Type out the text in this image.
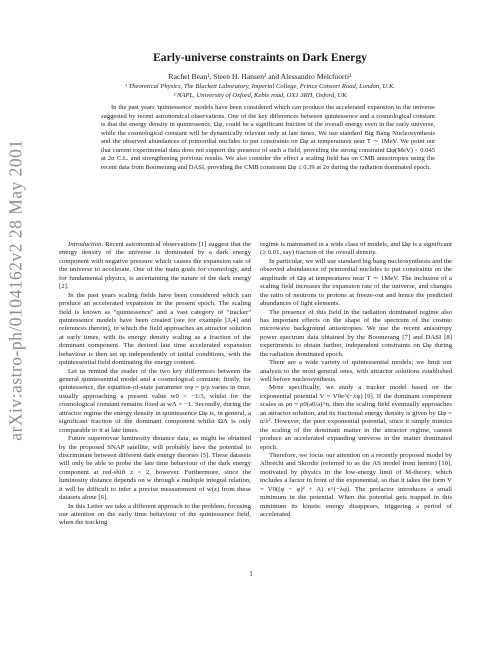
arXiv:astro-ph/0104162v2 28 May 2001
Early-universe constraints on Dark Energy
Rachel Bean¹, Steen H. Hansen² and Alessandro Melchiorri²
¹ Theoretical Physics, The Blackett Laboratory, Imperial College, Prince Consort Road, London, U.K.
² NAPL, University of Oxford, Keble road, OX1 3RH, Oxford, UK
In the past years 'quintessence' models have been considered which can produce the accelerated expansion in the universe suggested by recent astronomical observations. One of the key differences between quintessence and a cosmological constant is that the energy density in quintessence, Ωφ, could be a significant fraction of the overall energy even in the early universe, while the cosmological constant will be dynamically relevant only at late times. We use standard Big Bang Nucleosynthesis and the observed abundances of primordial nuclides to put constraints on Ωφ at temperatures near T ∼ 1MeV. We point out that current experimental data does not support the presence of such a field, providing the strong constraint Ωφ(MeV) < 0.045 at 2σ C.L. and strengthening previous results. We also consider the effect a scaling field has on CMB anisotropies using the recent data from Boomerang and DASI, providing the CMB constraint Ωφ ≤ 0.39 at 2σ during the radiation dominated epoch.

Introduction. Recent astronomical observations [1] suggest that the energy density of the universe is dominated by a dark energy component with negative pressure which causes the expansion rate of the universe to accelerate. One of the main goals for cosmology, and for fundamental physics, is ascertaining the nature of the dark energy [2].

In the past years scaling fields have been considered which can produce an accelerated expansion in the present epoch. The scaling field is known as "quintessence" and a vast category of "tracker" quintessence models have been created (see for example [3,4] and references therein), in which the field approaches an attractor solution at early times, with its energy density scaling as a fraction of the dominant component. The desired late time accelerated expansion behaviour is then set up independently of initial conditions, with the quintessential field dominating the energy content.

Let us remind the reader of the two key differences between the general quintessential model and a cosmological constant; firstly, for quintessence, the equation-of-state parameter wφ = p/ρ varies in time, usually approaching a present value w0 < −1/3, whilst for the cosmological constant remains fixed at wΛ = −1. Secondly, during the attractor regime the energy density in quintessence Ωφ is, in general, a significant fraction of the dominant component whilst ΩΛ is only comparable to it at late times.

Future supernovae luminosity distance data, as might be obtained by the proposed SNAP satellite, will probably have the potential to discriminate between different dark energy theories [5]. These datasets will only be able to probe the late time behaviour of the dark energy component at red-shift z < 2, however. Furthermore, since the luminosity distance depends on w through a multiple integral relation, it will be difficult to infer a precise measurement of w(z) from these datasets alone [6].

In this Letter we take a different approach to the problem, focusing our attention on the early time behaviour of the quintessence field, when the tracking

regime is maintained in a wide class of models, and Ωφ is a significant (≥ 0.01, say) fraction of the overall density.

In particular, we will use standard big bang nucleosynthesis and the observed abundances of primordial nuclides to put constraints on the amplitude of Ωφ at temperatures near T ∼ 1MeV. The inclusion of a scaling field increases the expansion rate of the universe, and changes the ratio of neutrons to protons at freeze-out and hence the predicted abundances of light elements.

The presence of this field in the radiation dominated regime also has important effects on the shape of the spectrum of the cosmic microwave background anisotropies. We use the recent anisotropy power spectrum data obtained by the Boomerang [7] and DASI [8] experiments to obtain further, independent constraints on Ωφ during the radiation dominated epoch.

There are a wide variety of quintessential models; we limit our analysis to the most general ones, with attractor solutions established well before nucleosynthesis.

More specifically, we study a tracker model based on the exponential potential V = V0e^(−λφ) [9]. If the dominant component scales as ρn = ρ0(a0/a)^n, then the scaling field eventually approaches an attractor solution, and its fractional energy density is given by Ωφ = n/λ². However, the pure exponential potential, since it simply mimics the scaling of the dominant matter in the attractor regime, cannot produce an accelerated expanding universe in the matter dominated epoch.

Therefore, we focus our attention on a recently proposed model by Albrecht and Skordis (referred to as the AS model from herein) [10], motivated by physics in the low-energy limit of M-theory, which includes a factor in front of the exponential, so that it takes the form V = V0((φ − φ)² + A) e^(−λφ). The prefactor introduces a small minimum in the potential. When the potential gets trapped in this minimum its kinetic energy disappears, triggering a period of accelerated

1
